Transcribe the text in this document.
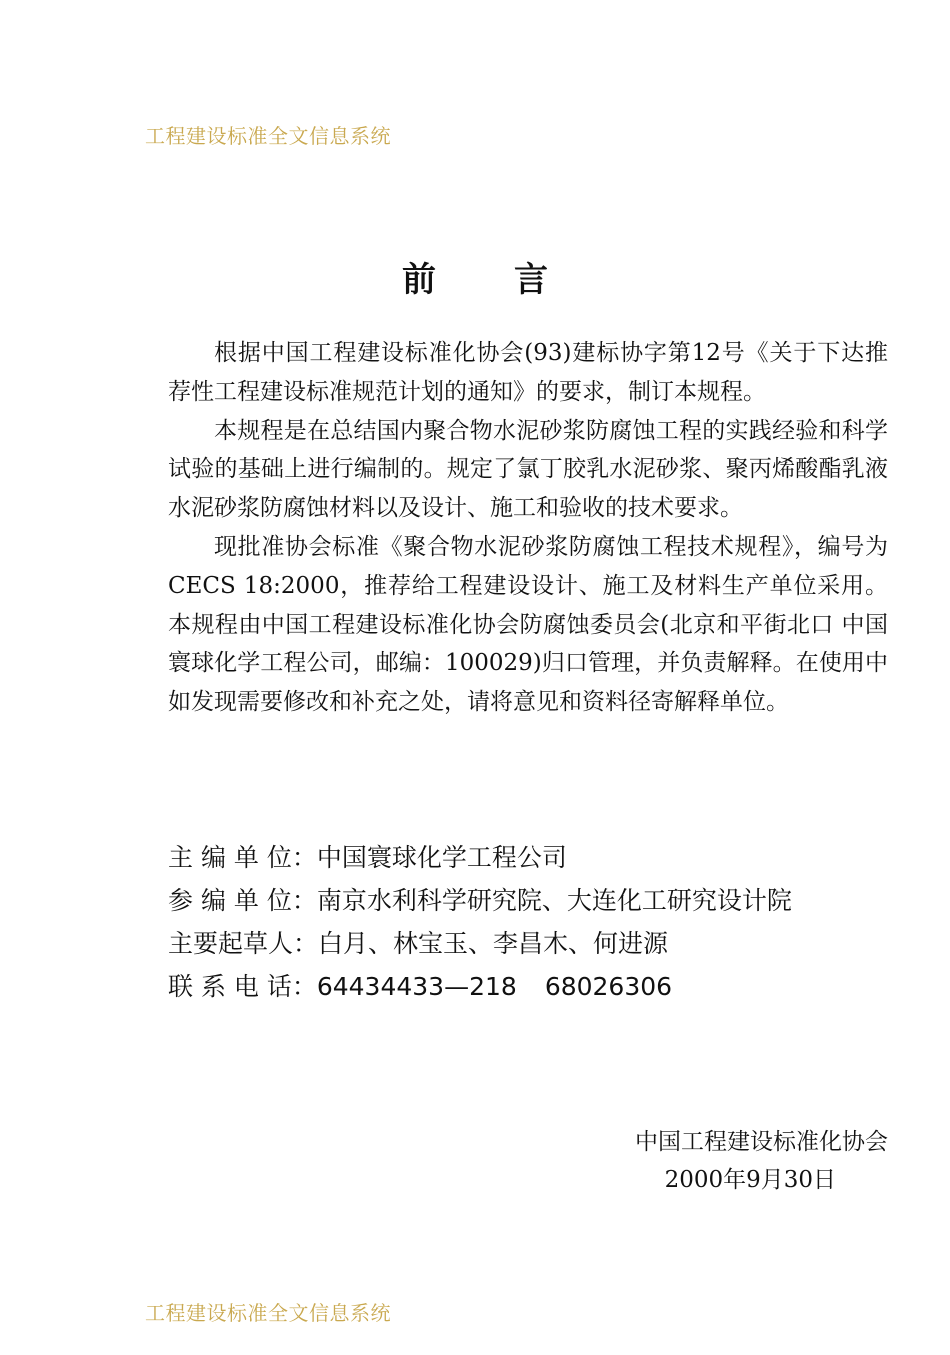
工程建设标准全文信息系统
前 言

根据中国工程建设标准化协会(93)建标协字第12号《关于下达推荐性工程建设标准规范计划的通知》的要求，制订本规程。

本规程是在总结国内聚合物水泥砂浆防腐蚀工程的实践经验和科学试验的基础上进行编制的。规定了氯丁胶乳水泥砂浆、聚丙烯酸酯乳液水泥砂浆防腐蚀材料以及设计、施工和验收的技术要求。

现批准协会标准《聚合物水泥砂浆防腐蚀工程技术规程》，编号为CECS 18:2000，推荐给工程建设设计、施工及材料生产单位采用。本规程由中国工程建设标准化协会防腐蚀委员会(北京和平街北口 中国寰球化学工程公司，邮编：100029)归口管理，并负责解释。在使用中如发现需要修改和补充之处，请将意见和资料径寄解释单位。

主 编 单 位：中国寰球化学工程公司
参 编 单 位：南京水利科学研究院、大连化工研究设计院
主要起草人：白月、林宝玉、李昌木、何进源
联 系 电 话：64434433—218 68026306
中国工程建设标准化协会
2000年9月30日
工程建设标准全文信息系统
